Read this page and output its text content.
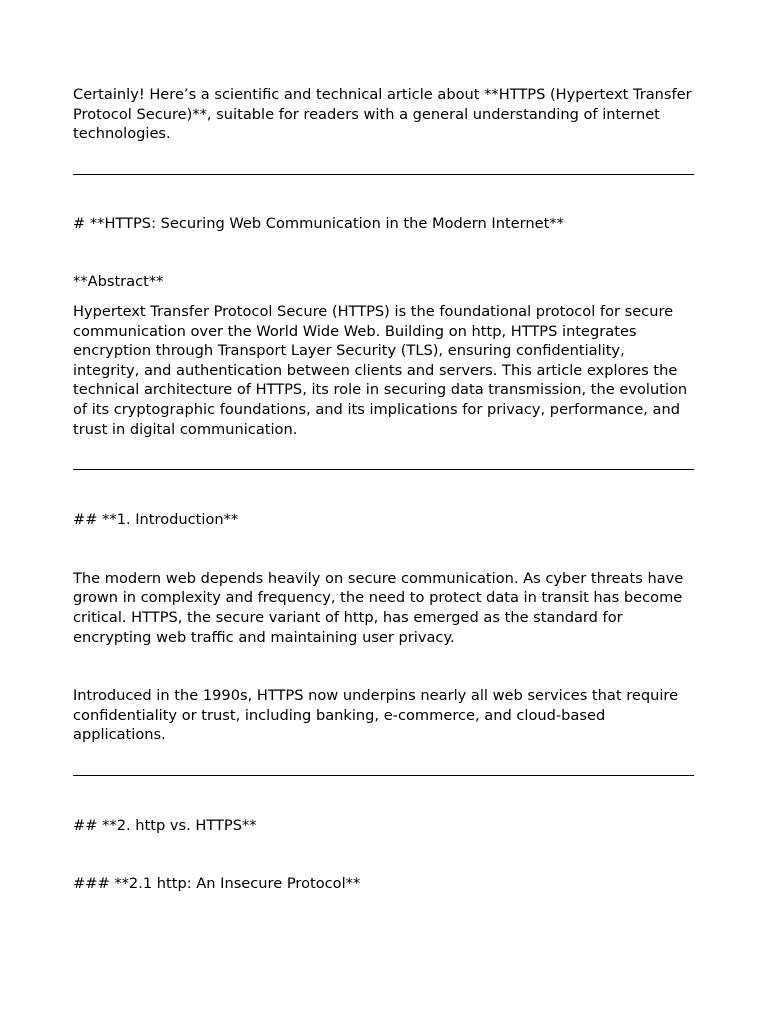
Certainly! Here’s a scientific and technical article about **HTTPS (Hypertext Transfer Protocol Secure)**, suitable for readers with a general understanding of internet technologies.

# **HTTPS: Securing Web Communication in the Modern Internet**

**Abstract**

Hypertext Transfer Protocol Secure (HTTPS) is the foundational protocol for secure communication over the World Wide Web. Building on http, HTTPS integrates encryption through Transport Layer Security (TLS), ensuring confidentiality, integrity, and authentication between clients and servers. This article explores the technical architecture of HTTPS, its role in securing data transmission, the evolution of its cryptographic foundations, and its implications for privacy, performance, and trust in digital communication.

## **1. Introduction**

The modern web depends heavily on secure communication. As cyber threats have grown in complexity and frequency, the need to protect data in transit has become critical. HTTPS, the secure variant of http, has emerged as the standard for encrypting web traffic and maintaining user privacy.

Introduced in the 1990s, HTTPS now underpins nearly all web services that require confidentiality or trust, including banking, e-commerce, and cloud-based applications.

## **2. http vs. HTTPS**

### **2.1 http: An Insecure Protocol**
